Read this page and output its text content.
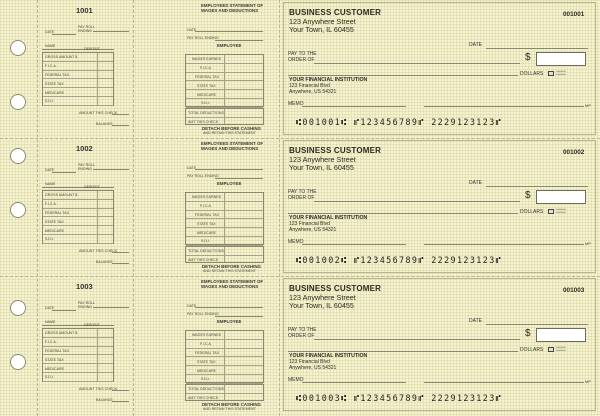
1001
PAY ROLL
ENDING
DATE
NAME
DEPOSIT
GROSS AMOUNT $
F.I.C.A.
FEDERAL TAX
STATE TAX
MEDICARE
S.D.I.
AMOUNT THIS CHECK
BALANCE
EMPLOYEES STATEMENT OF
WAGES AND DEDUCTIONS
DATE
PAY ROLL ENDING
EMPLOYEE
WAGES EARNED
F.I.C.A.
FEDERAL TAX
STATE TAX
MEDICARE
S.D.I.
TOTAL DEDUCTIONS
AMT THIS CHECK
DETACH BEFORE CASHING
AND RETAIN THIS STATEMENT
BUSINESS CUSTOMER
123 Anywhere Street
Your Town, IL 60455
001001
DATE
PAY TO THE
ORDER OF	$
DOLLARS	▪▪▪▪▪▪▪▪▪▪▪
▪▪▪▪▪▪▪▪▪▪▪
YOUR FINANCIAL INSTITUTION
123 Financial Blvd
Anywhere, US 54321
MEMO	MP
⑆001001⑆ ⑈123456789⑈ 2229123123⑈
1002
PAY ROLL
ENDING
DATE
NAME
DEPOSIT
GROSS AMOUNT $
F.I.C.A.
FEDERAL TAX
STATE TAX
MEDICARE
S.D.I.
AMOUNT THIS CHECK
BALANCE
EMPLOYEES STATEMENT OF
WAGES AND DEDUCTIONS
DATE
PAY ROLL ENDING
EMPLOYEE
WAGES EARNED
F.I.C.A.
FEDERAL TAX
STATE TAX
MEDICARE
S.D.I.
TOTAL DEDUCTIONS
AMT THIS CHECK
DETACH BEFORE CASHING
AND RETAIN THIS STATEMENT
BUSINESS CUSTOMER
123 Anywhere Street
Your Town, IL 60455
001002
DATE
PAY TO THE
ORDER OF	$
DOLLARS	▪▪▪▪▪▪▪▪▪▪▪
▪▪▪▪▪▪▪▪▪▪▪
YOUR FINANCIAL INSTITUTION
123 Financial Blvd
Anywhere, US 54321
MEMO	MP
⑆001002⑆ ⑈123456789⑈ 2229123123⑈
1003
PAY ROLL
ENDING
DATE
NAME
DEPOSIT
GROSS AMOUNT $
F.I.C.A.
FEDERAL TAX
STATE TAX
MEDICARE
S.D.I.
AMOUNT THIS CHECK
BALANCE
EMPLOYEES STATEMENT OF
WAGES AND DEDUCTIONS
DATE
PAY ROLL ENDING
EMPLOYEE
WAGES EARNED
F.I.C.A.
FEDERAL TAX
STATE TAX
MEDICARE
S.D.I.
TOTAL DEDUCTIONS
AMT THIS CHECK
DETACH BEFORE CASHING
AND RETAIN THIS STATEMENT
BUSINESS CUSTOMER
123 Anywhere Street
Your Town, IL 60455
001003
DATE
PAY TO THE
ORDER OF	$
DOLLARS	▪▪▪▪▪▪▪▪▪▪▪
▪▪▪▪▪▪▪▪▪▪▪
YOUR FINANCIAL INSTITUTION
123 Financial Blvd
Anywhere, US 54321
MEMO	MP
⑆001003⑆ ⑈123456789⑈ 2229123123⑈
